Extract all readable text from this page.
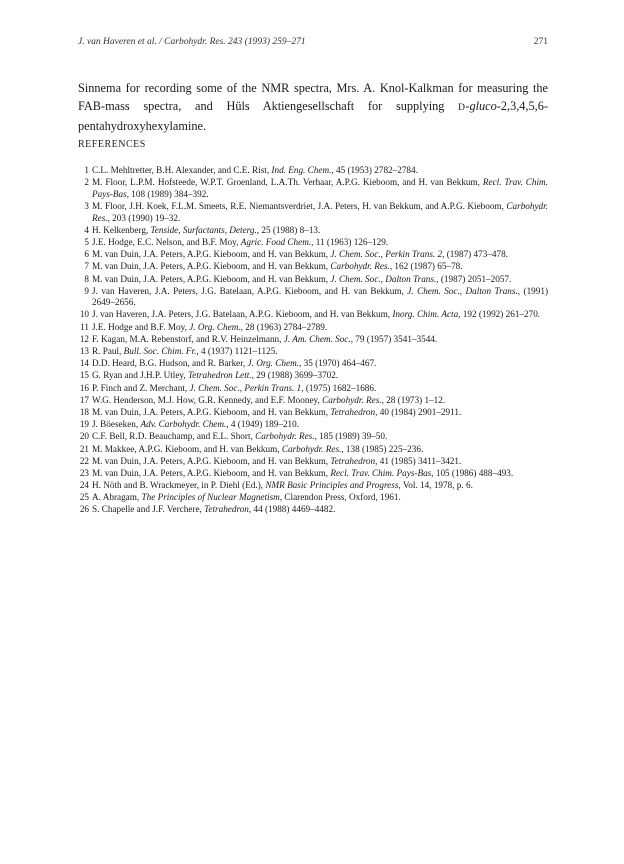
J. van Haveren et al. / Carbohydr. Res. 243 (1993) 259–271	271

Sinnema for recording some of the NMR spectra, Mrs. A. Knol-Kalkman for measuring the FAB-mass spectra, and Hüls Aktiengesellschaft for supplying D-gluco-2,3,4,5,6-pentahydroxyhexylamine.

REFERENCES
1 C.L. Mehltretter, B.H. Alexander, and C.E. Rist, Ind. Eng. Chem., 45 (1953) 2782–2784.
2 M. Floor, L.P.M. Hofsteede, W.P.T. Groenland, L.A.Th. Verhaar, A.P.G. Kieboom, and H. van Bekkum, Recl. Trav. Chim. Pays-Bas, 108 (1989) 384–392.
3 M. Floor, J.H. Koek, F.L.M. Smeets, R.E. Niemantsverdriet, J.A. Peters, H. van Bekkum, and A.P.G. Kieboom, Carbohydr. Res., 203 (1990) 19–32.
4 H. Kelkenberg, Tenside, Surfactants, Deterg., 25 (1988) 8–13.
5 J.E. Hodge, E.C. Nelson, and B.F. Moy, Agric. Food Chem., 11 (1963) 126–129.
6 M. van Duin, J.A. Peters, A.P.G. Kieboom, and H. van Bekkum, J. Chem. Soc., Perkin Trans. 2, (1987) 473–478.
7 M. van Duin, J.A. Peters, A.P.G. Kieboom, and H. van Bekkum, Carbohydr. Res., 162 (1987) 65–78.
8 M. van Duin, J.A. Peters, A.P.G. Kieboom, and H. van Bekkum, J. Chem. Soc., Dalton Trans., (1987) 2051–2057.
9 J. van Haveren, J.A. Peters, J.G. Batelaan, A.P.G. Kieboom, and H. van Bekkum, J. Chem. Soc., Dalton Trans., (1991) 2649–2656.
10 J. van Haveren, J.A. Peters, J.G. Batelaan, A.P.G. Kieboom, and H. van Bekkum, Inorg. Chim. Acta, 192 (1992) 261–270.
11 J.E. Hodge and B.F. Moy, J. Org. Chem., 28 (1963) 2784–2789.
12 F. Kagan, M.A. Rebenstorf, and R.V. Heinzelmann, J. Am. Chem. Soc., 79 (1957) 3541–3544.
13 R. Paul, Bull. Soc. Chim. Fr., 4 (1937) 1121–1125.
14 D.D. Heard, B.G. Hudson, and R. Barker, J. Org. Chem., 35 (1970) 464–467.
15 G. Ryan and J.H.P. Utley, Tetrahedron Lett., 29 (1988) 3699–3702.
16 P. Finch and Z. Merchant, J. Chem. Soc., Perkin Trans. 1, (1975) 1682–1686.
17 W.G. Henderson, M.J. How, G.R. Kennedy, and E.F. Mooney, Carbohydr. Res., 28 (1973) 1–12.
18 M. van Duin, J.A. Peters, A.P.G. Kieboom, and H. van Bekkum, Tetrahedron, 40 (1984) 2901–2911.
19 J. Böeseken, Adv. Carbohydr. Chem., 4 (1949) 189–210.
20 C.F. Bell, R.D. Beauchamp, and E.L. Short, Carbohydr. Res., 185 (1989) 39–50.
21 M. Makkee, A.P.G. Kieboom, and H. van Bekkum, Carbohydr. Res., 138 (1985) 225–236.
22 M. van Duin, J.A. Peters, A.P.G. Kieboom, and H. van Bekkum, Tetrahedron, 41 (1985) 3411–3421.
23 M. van Duin, J.A. Peters, A.P.G. Kieboom, and H. van Bekkum, Recl. Trav. Chim. Pays-Bas, 105 (1986) 488–493.
24 H. Nöth and B. Wrackmeyer, in P. Diehl (Ed.), NMR Basic Principles and Progress, Vol. 14, 1978, p. 6.
25 A. Abragam, The Principles of Nuclear Magnetism, Clarendon Press, Oxford, 1961.
26 S. Chapelle and J.F. Verchere, Tetrahedron, 44 (1988) 4469–4482.
